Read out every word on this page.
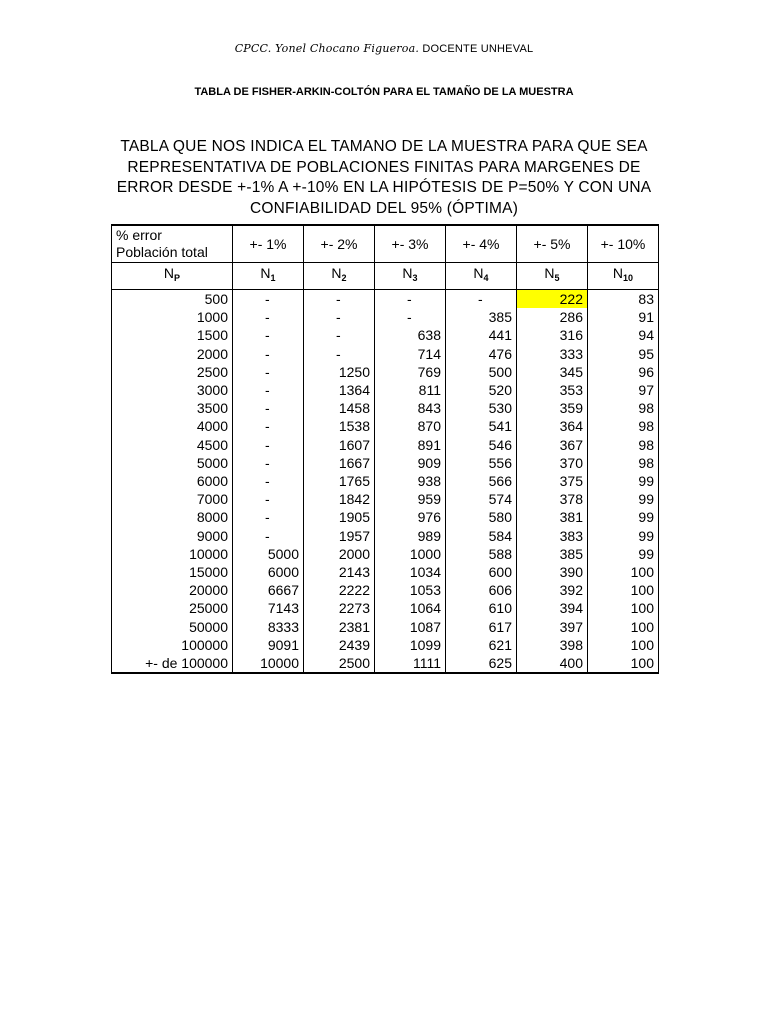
CPCC. Yonel Chocano Figueroa. DOCENTE UNHEVAL
TABLA DE FISHER-ARKIN-COLTÓN PARA EL TAMAÑO DE LA MUESTRA
TABLA QUE NOS INDICA EL TAMANO DE LA MUESTRA PARA QUE SEA
REPRESENTATIVA DE POBLACIONES FINITAS PARA MARGENES DE
ERROR DESDE +-1% A +-10% EN LA HIPÓTESIS DE P=50% Y CON UNA
CONFIABILIDAD DEL 95% (ÓPTIMA)
% error
Población total	+- 1%	+- 2%	+- 3%	+- 4%	+- 5%	+- 10%
$N_P$	$N_1$	$N_2$	$N_3$	$N_4$	$N_5$	$N_{10}$
500	-	-	-	-	222	83
1000	-	-	-	385	286	91
1500	-	-	638	441	316	94
2000	-	-	714	476	333	95
2500	-	1250	769	500	345	96
3000	-	1364	811	520	353	97
3500	-	1458	843	530	359	98
4000	-	1538	870	541	364	98
4500	-	1607	891	546	367	98
5000	-	1667	909	556	370	98
6000	-	1765	938	566	375	99
7000	-	1842	959	574	378	99
8000	-	1905	976	580	381	99
9000	-	1957	989	584	383	99
10000	5000	2000	1000	588	385	99
15000	6000	2143	1034	600	390	100
20000	6667	2222	1053	606	392	100
25000	7143	2273	1064	610	394	100
50000	8333	2381	1087	617	397	100
100000	9091	2439	1099	621	398	100
+- de 100000	10000	2500	1111	625	400	100
